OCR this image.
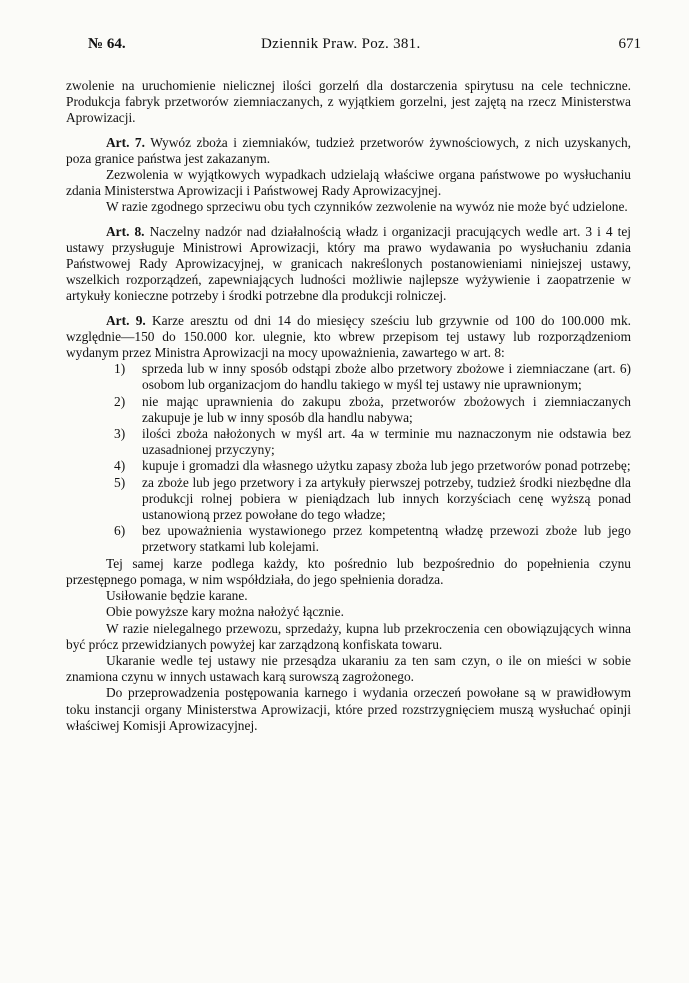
№ 64.	Dziennik Praw. Poz. 381.	671

zwolenie na uruchomienie nielicznej ilości gorzelń dla dostarczenia spirytusu na cele techniczne. Produkcja fabryk przetworów ziemniaczanych, z wyjątkiem gorzelni, jest zajętą na rzecz Ministerstwa Aprowizacji.

Art. 7. Wywóz zboża i ziemniaków, tudzież przetworów żywnościowych, z nich uzyskanych, poza granice państwa jest zakazanym.

Zezwolenia w wyjątkowych wypadkach udzielają właściwe organa państwowe po wysłuchaniu zdania Ministerstwa Aprowizacji i Państwowej Rady Aprowizacyjnej.

W razie zgodnego sprzeciwu obu tych czynników zezwolenie na wywóz nie może być udzielone.

Art. 8. Naczelny nadzór nad działalnością władz i organizacji pracujących wedle art. 3 i 4 tej ustawy przysługuje Ministrowi Aprowizacji, który ma prawo wydawania po wysłuchaniu zdania Państwowej Rady Aprowizacyjnej, w granicach nakreślonych postanowieniami niniejszej ustawy, wszelkich rozporządzeń, zapewniających ludności możliwie najlepsze wyżywienie i zaopatrzenie w artykuły konieczne potrzeby i środki potrzebne dla produkcji rolniczej.

Art. 9. Karze aresztu od dni 14 do miesięcy sześciu lub grzywnie od 100 do 100.000 mk. względnie—150 do 150.000 kor. ulegnie, kto wbrew przepisom tej ustawy lub rozporządzeniom wydanym przez Ministra Aprowizacji na mocy upoważnienia, zawartego w art. 8:

1) sprzeda lub w inny sposób odstąpi zboże albo przetwory zbożowe i ziemniaczane (art. 6) osobom lub organizacjom do handlu takiego w myśl tej ustawy nie uprawnionym;
2) nie mając uprawnienia do zakupu zboża, przetworów zbożowych i ziemniaczanych zakupuje je lub w inny sposób dla handlu nabywa;
3) ilości zboża nałożonych w myśl art. 4a w terminie mu naznaczonym nie odstawia bez uzasadnionej przyczyny;
4) kupuje i gromadzi dla własnego użytku zapasy zboża lub jego przetworów ponad potrzebę;
5) za zboże lub jego przetwory i za artykuły pierwszej potrzeby, tudzież środki niezbędne dla produkcji rolnej pobiera w pieniądzach lub innych korzyściach cenę wyższą ponad ustanowioną przez powołane do tego władze;
6) bez upoważnienia wystawionego przez kompetentną władzę przewozi zboże lub jego przetwory statkami lub kolejami.

Tej samej karze podlega każdy, kto pośrednio lub bezpośrednio do popełnienia czynu przestępnego pomaga, w nim współdziała, do jego spełnienia doradza.

Usiłowanie będzie karane.

Obie powyższe kary można nałożyć łącznie.

W razie nielegalnego przewozu, sprzedaży, kupna lub przekroczenia cen obowiązujących winna być prócz przewidzianych powyżej kar zarządzoną konfiskata towaru.

Ukaranie wedle tej ustawy nie przesądza ukaraniu za ten sam czyn, o ile on mieści w sobie znamiona czynu w innych ustawach karą surowszą zagrożonego.

Do przeprowadzenia postępowania karnego i wydania orzeczeń powołane są w prawidłowym toku instancji organy Ministerstwa Aprowizacji, które przed rozstrzygnięciem muszą wysłuchać opinji właściwej Komisji Aprowizacyjnej.
